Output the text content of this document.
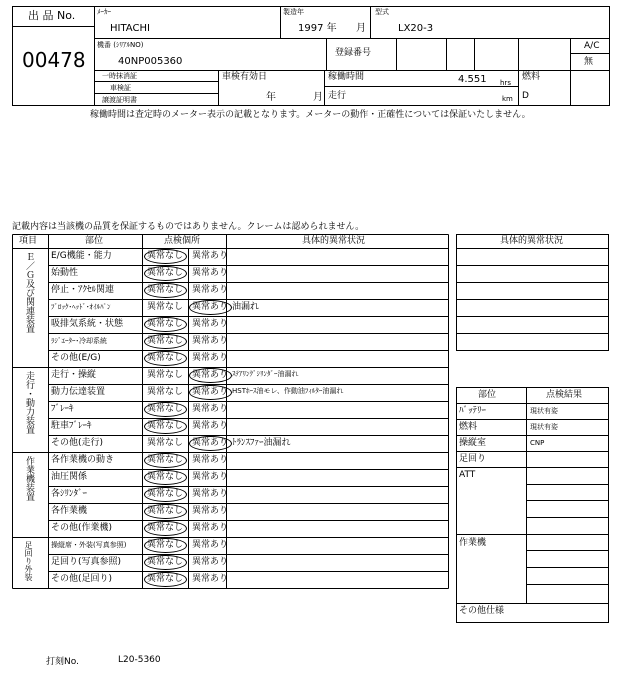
出 品 No.
00478
ﾒｰｶｰ
HITACHI
製造年
1997 年 月
型式
LX20-3
機番 (ｼﾘｱﾙNO)
40NP005360
登録番号
A/C
無
一時抹消証
車検証
譲渡証明書
車検有効日
年	月
稼働時間	4.551 hrs
走行	km
燃料
D
稼働時間は査定時のメーター表示の記載となります。メーターの動作・正確性については保証いたしません。
記載内容は当該機の品質を保証するものではありません。クレームは認められません。
項目	部位	点検個所	具体的異常状況
Ｅ／Ｇ及び関連装置
走行・動力装置
作業機装置
足回り外装
E/G機能・能力	異常なし 異常あり
始動性	異常なし 異常あり
停止・ｱｸｾﾙ関連	異常なし 異常あり
ﾌﾞﾛｯｸ･ﾍｯﾄﾞ･ｵｲﾙﾊﾟﾝ	異常なし 異常あり 油漏れ
吸排気系統・状態	異常なし 異常あり
ﾗｼﾞｴｰﾀｰ･冷却系統	異常なし 異常あり
その他(E/G)	異常なし 異常あり
走行・操縦	異常なし 異常あり ｽﾃｱﾘﾝｸﾞｼﾘﾝﾀﾞｰ油漏れ
動力伝達装置	異常なし 異常あり HSTﾎｰｽ油モレ、作動油ﾌｨﾙﾀｰ油漏れ
ﾌﾞﾚｰｷ	異常なし 異常あり
駐車ﾌﾞﾚｰｷ	異常なし 異常あり
その他(走行)	異常なし 異常あり ﾄﾗﾝｽﾌｧｰ油漏れ
各作業機の動き	異常なし 異常あり
油圧関係	異常なし 異常あり
各ｼﾘﾝﾀﾞｰ	異常なし 異常あり
各作業機	異常なし 異常あり
その他(作業機)	異常なし 異常あり
操縦席・外装(写真参照) 異常なし 異常あり
足回り(写真参照)	異常なし 異常あり
その他(足回り)	異常なし 異常あり
具体的異常状況
部位	点検結果
ﾊﾞｯﾃﾘｰ	現状有姿
燃料	現状有姿
操縦室	CNP
足回り
ATT
作業機
その他仕様
打刻No.	L20-5360
